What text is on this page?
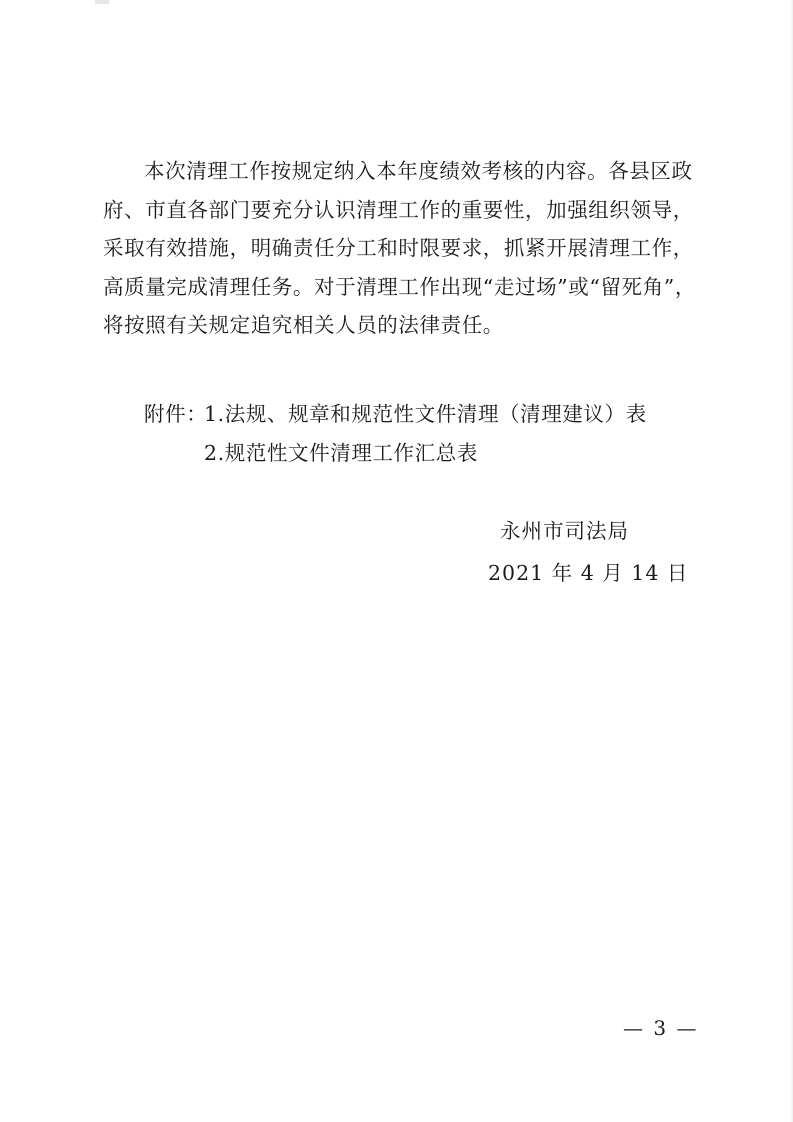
本次清理工作按规定纳入本年度绩效考核的内容。各县区政府、市直各部门要充分认识清理工作的重要性，加强组织领导，采取有效措施，明确责任分工和时限要求，抓紧开展清理工作，高质量完成清理任务。对于清理工作出现“走过场”或“留死角”，将按照有关规定追究相关人员的法律责任。

附件：
1.法规、规章和规范性文件清理（清理建议）表
2.规范性文件清理工作汇总表
永州市司法局
2021 年 4 月 14 日
— 3 —
